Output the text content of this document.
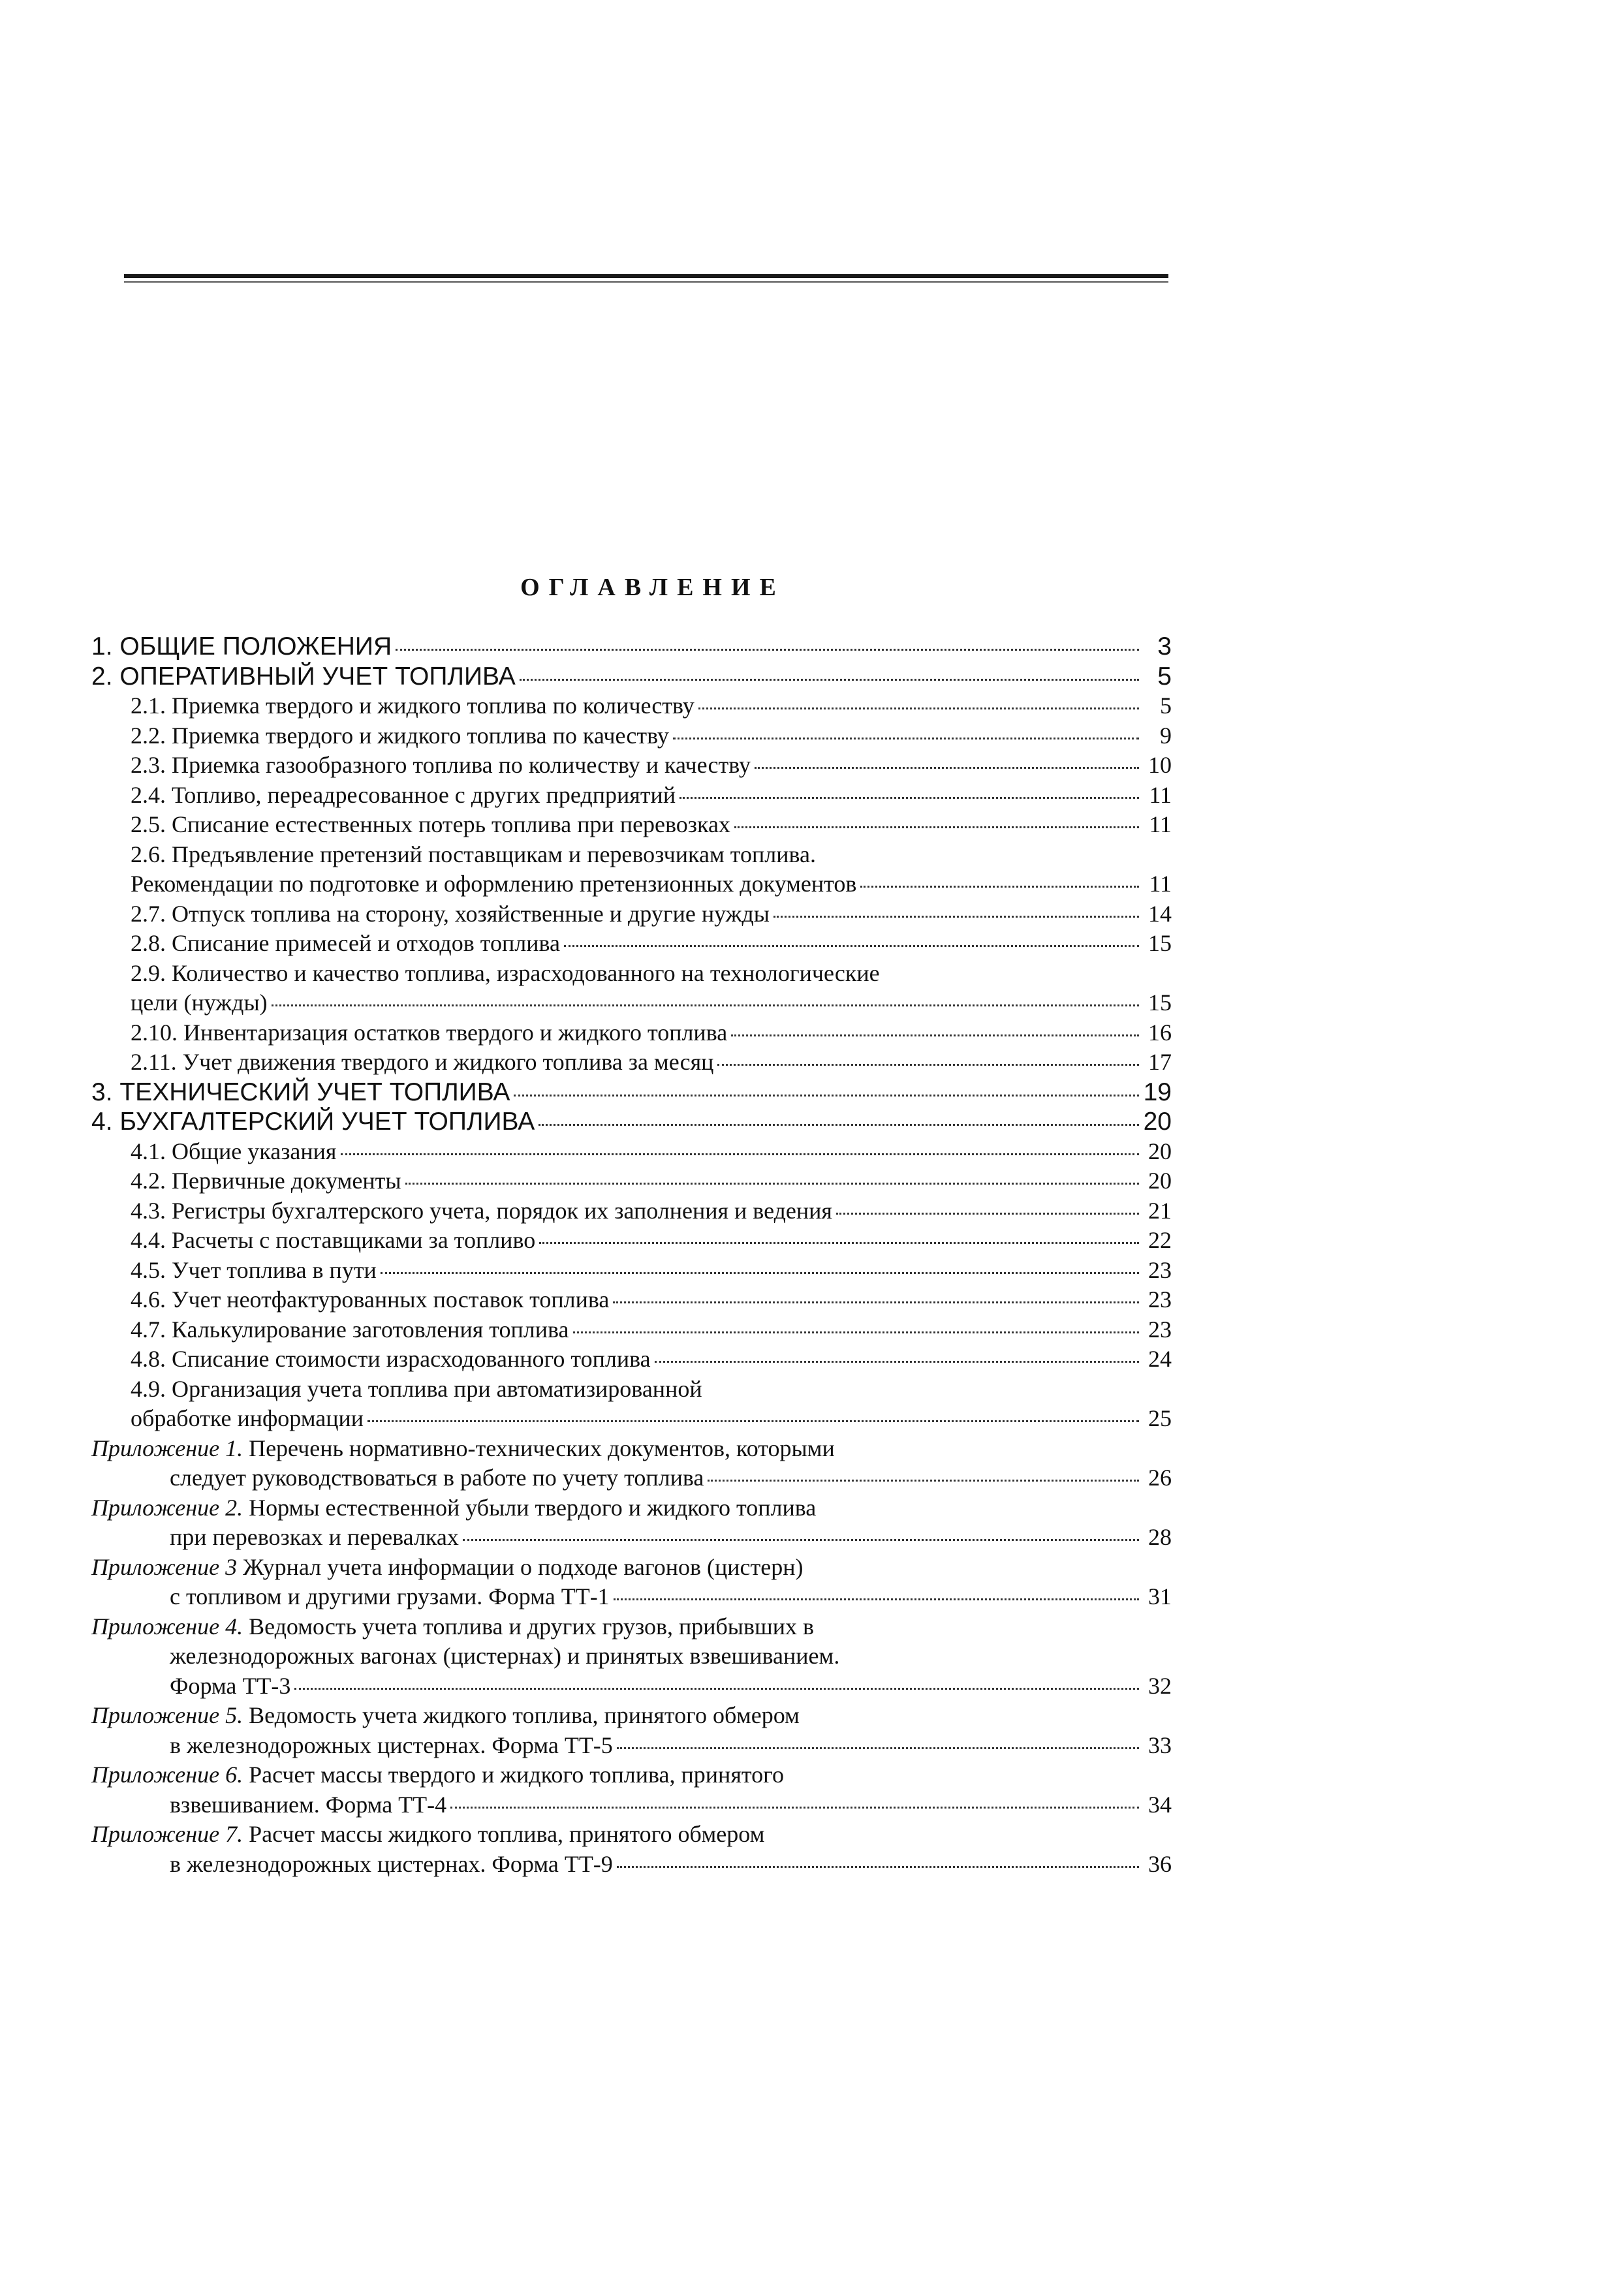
ОГЛАВЛЕНИЕ
1. ОБЩИЕ ПОЛОЖЕНИЯ	3
2. ОПЕРАТИВНЫЙ УЧЕТ ТОПЛИВА	5
2.1. Приемка твердого и жидкого топлива по количеству	5
2.2. Приемка твердого и жидкого топлива по качеству	9
2.3. Приемка газообразного топлива по количеству и качеству	10
2.4. Топливо, переадресованное с других предприятий	11
2.5. Списание естественных потерь топлива при перевозках	11
2.6. Предъявление претензий поставщикам и перевозчикам топлива.
Рекомендации по подготовке и оформлению претензионных документов	11
2.7. Отпуск топлива на сторону, хозяйственные и другие нужды	14
2.8. Списание примесей и отходов топлива	15
2.9. Количество и качество топлива, израсходованного на технологические
цели (нужды)	15
2.10. Инвентаризация остатков твердого и жидкого топлива	16
2.11. Учет движения твердого и жидкого топлива за месяц	17
3. ТЕХНИЧЕСКИЙ УЧЕТ ТОПЛИВА	19
4. БУХГАЛТЕРСКИЙ УЧЕТ ТОПЛИВА	20
4.1. Общие указания	20
4.2. Первичные документы	20
4.3. Регистры бухгалтерского учета, порядок их заполнения и ведения	21
4.4. Расчеты с поставщиками за топливо	22
4.5. Учет топлива в пути	23
4.6. Учет неотфактурованных поставок топлива	23
4.7. Калькулирование заготовления топлива	23
4.8. Списание стоимости израсходованного топлива	24
4.9. Организация учета топлива при автоматизированной
обработке информации	25
Приложение 1. Перечень нормативно-технических документов, которыми
следует руководствоваться в работе по учету топлива	26
Приложение 2. Нормы естественной убыли твердого и жидкого топлива
при перевозках и перевалках	28
Приложение 3 Журнал учета информации о подходе вагонов (цистерн)
с топливом и другими грузами. Форма ТТ-1	31
Приложение 4. Ведомость учета топлива и других грузов, прибывших в
железнодорожных вагонах (цистернах) и принятых взвешиванием.
Форма ТТ-3	32
Приложение 5. Ведомость учета жидкого топлива, принятого обмером
в железнодорожных цистернах. Форма ТТ-5	33
Приложение 6. Расчет массы твердого и жидкого топлива, принятого
взвешиванием. Форма ТТ-4	34
Приложение 7. Расчет массы жидкого топлива, принятого обмером
в железнодорожных цистернах. Форма ТТ-9	36
